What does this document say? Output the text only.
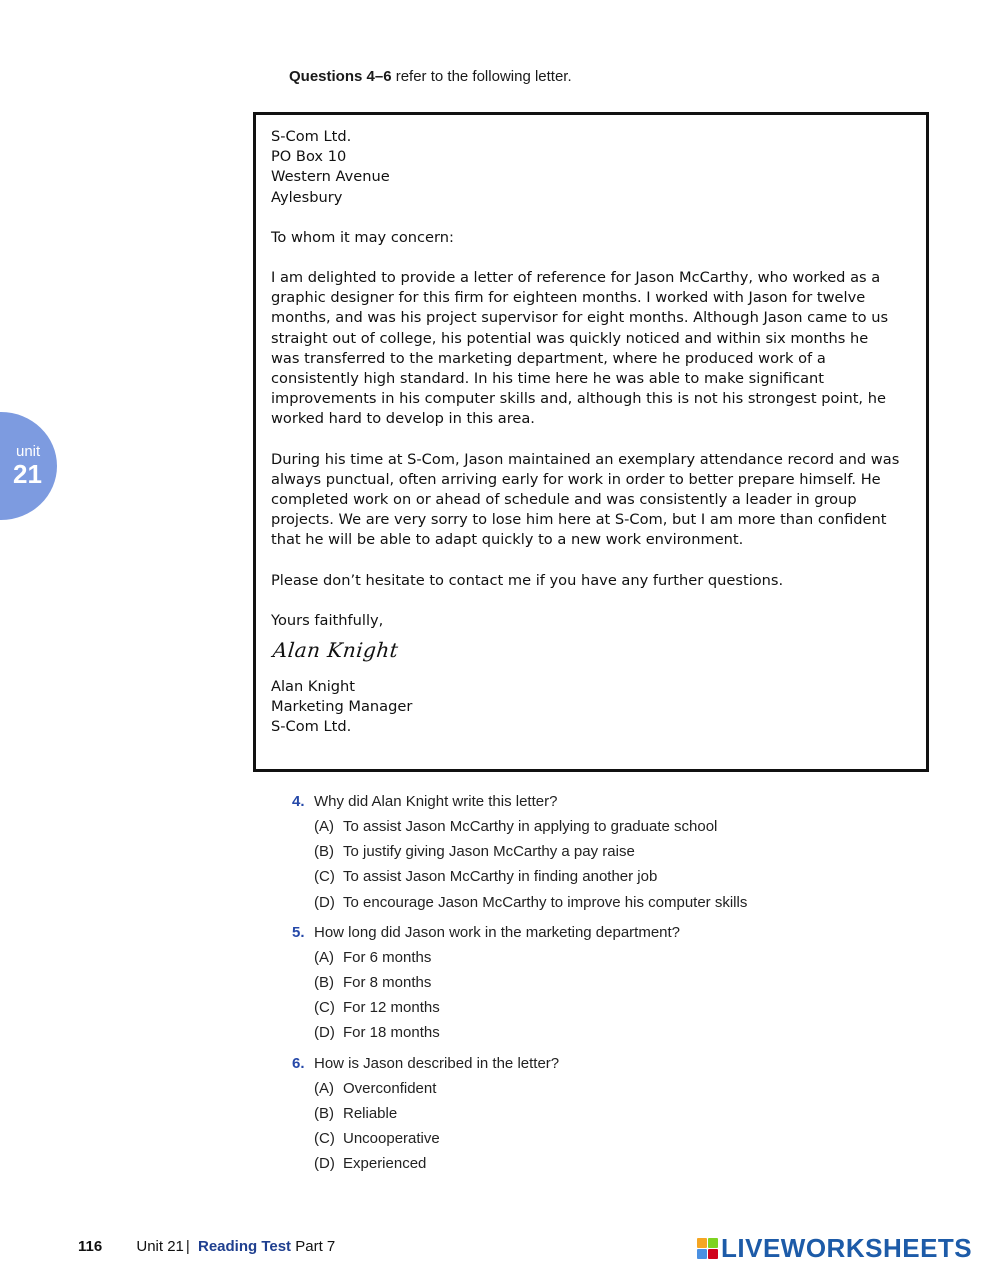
Questions 4–6 refer to the following letter.
unit
21
S-Com Ltd.
PO Box 10
Western Avenue
Aylesbury
To whom it may concern:
I am delighted to provide a letter of reference for Jason McCarthy, who worked as a
graphic designer for this firm for eighteen months. I worked with Jason for twelve
months, and was his project supervisor for eight months. Although Jason came to us
straight out of college, his potential was quickly noticed and within six months he
was transferred to the marketing department, where he produced work of a
consistently high standard. In his time here he was able to make significant
improvements in his computer skills and, although this is not his strongest point, he
worked hard to develop in this area.
During his time at S-Com, Jason maintained an exemplary attendance record and was
always punctual, often arriving early for work in order to better prepare himself. He
completed work on or ahead of schedule and was consistently a leader in group
projects. We are very sorry to lose him here at S-Com, but I am more than confident
that he will be able to adapt quickly to a new work environment.
Please don’t hesitate to contact me if you have any further questions.
Yours faithfully,
Alan Knight

Alan Knight
Marketing Manager
S-Com Ltd.
4. Why did Alan Knight write this letter?
(A) To assist Jason McCarthy in applying to graduate school
(B) To justify giving Jason McCarthy a pay raise
(C) To assist Jason McCarthy in finding another job
(D) To encourage Jason McCarthy to improve his computer skills
5. How long did Jason work in the marketing department?
(A) For 6 months
(B) For 8 months
(C) For 12 months
(D) For 18 months
6. How is Jason described in the letter?
(A) Overconfident
(B) Reliable
(C) Uncooperative
(D) Experienced
116 Unit 21 | Reading Test Part 7	LIVEWORKSHEETS
